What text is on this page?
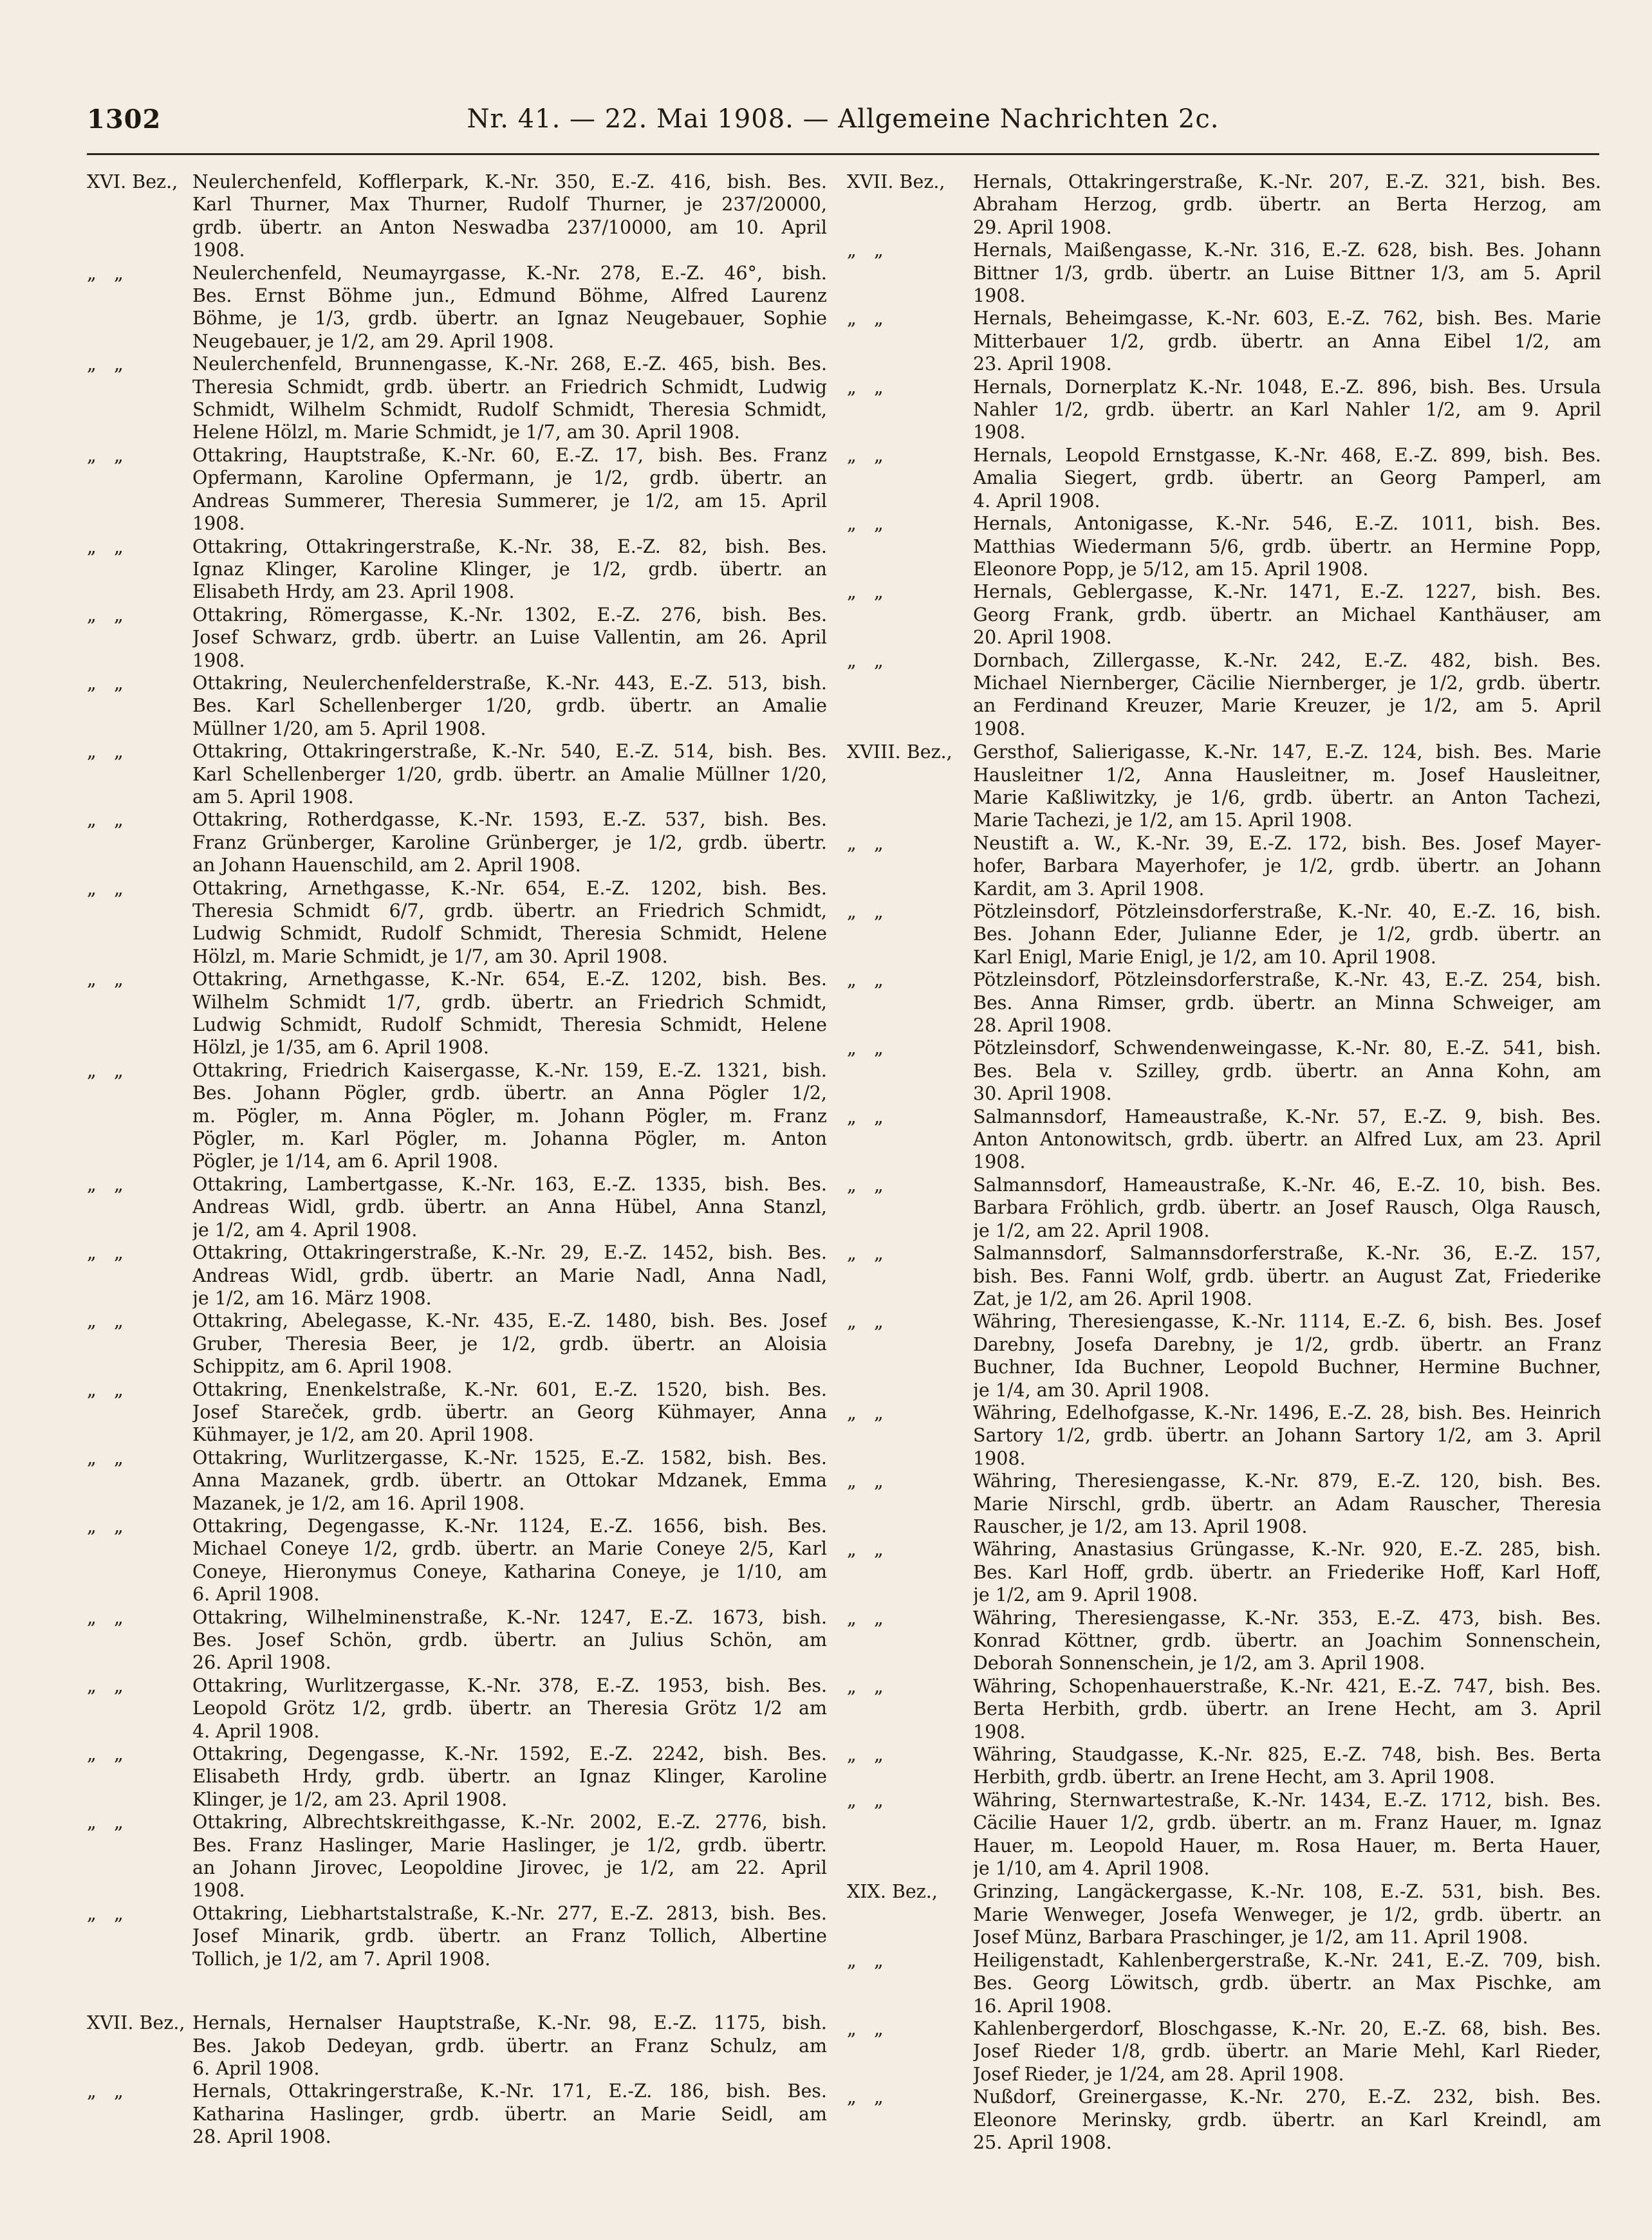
1302	Nr. 41. — 22. Mai 1908. — Allgemeine Nachrichten 2c.
XVI. Bez., Neulerchenfeld, Kofflerpark, K.-Nr. 350, E.-Z. 416, bish. Bes.
Karl Thurner, Max Thurner, Rudolf Thurner, je 237/20000,
grdb. übertr. an Anton Neswadba 237/10000, am 10. April
1908.
„   „	Neulerchenfeld, Neumayrgasse, K.-Nr. 278, E.-Z. 46°, bish.
Bes. Ernst Böhme jun., Edmund Böhme, Alfred Laurenz
Böhme, je 1/3, grdb. übertr. an Ignaz Neugebauer, Sophie
Neugebauer, je 1/2, am 29. April 1908.
„   „	Neulerchenfeld, Brunnengasse, K.-Nr. 268, E.-Z. 465, bish. Bes.
Theresia Schmidt, grdb. übertr. an Friedrich Schmidt, Ludwig
Schmidt, Wilhelm Schmidt, Rudolf Schmidt, Theresia Schmidt,
Helene Hölzl, m. Marie Schmidt, je 1/7, am 30. April 1908.
„   „	Ottakring, Hauptstraße, K.-Nr. 60, E.-Z. 17, bish. Bes. Franz
Opfermann, Karoline Opfermann, je 1/2, grdb. übertr. an
Andreas Summerer, Theresia Summerer, je 1/2, am 15. April
1908.
„   „	Ottakring, Ottakringerstraße, K.-Nr. 38, E.-Z. 82, bish. Bes.
Ignaz Klinger, Karoline Klinger, je 1/2, grdb. übertr. an
Elisabeth Hrdy, am 23. April 1908.
„   „	Ottakring, Römergasse, K.-Nr. 1302, E.-Z. 276, bish. Bes.
Josef Schwarz, grdb. übertr. an Luise Vallentin, am 26. April
1908.
„   „	Ottakring, Neulerchenfelderstraße, K.-Nr. 443, E.-Z. 513, bish.
Bes. Karl Schellenberger 1/20, grdb. übertr. an Amalie
Müllner 1/20, am 5. April 1908.
„   „	Ottakring, Ottakringerstraße, K.-Nr. 540, E.-Z. 514, bish. Bes.
Karl Schellenberger 1/20, grdb. übertr. an Amalie Müllner 1/20,
am 5. April 1908.
„   „	Ottakring, Rotherdgasse, K.-Nr. 1593, E.-Z. 537, bish. Bes.
Franz Grünberger, Karoline Grünberger, je 1/2, grdb. übertr.
an Johann Hauenschild, am 2. April 1908.
„   „	Ottakring, Arnethgasse, K.-Nr. 654, E.-Z. 1202, bish. Bes.
Theresia Schmidt 6/7, grdb. übertr. an Friedrich Schmidt,
Ludwig Schmidt, Rudolf Schmidt, Theresia Schmidt, Helene
Hölzl, m. Marie Schmidt, je 1/7, am 30. April 1908.
„   „	Ottakring, Arnethgasse, K.-Nr. 654, E.-Z. 1202, bish. Bes.
Wilhelm Schmidt 1/7, grdb. übertr. an Friedrich Schmidt,
Ludwig Schmidt, Rudolf Schmidt, Theresia Schmidt, Helene
Hölzl, je 1/35, am 6. April 1908.
„   „	Ottakring, Friedrich Kaisergasse, K.-Nr. 159, E.-Z. 1321, bish.
Bes. Johann Pögler, grdb. übertr. an Anna Pögler 1/2,
m. Pögler, m. Anna Pögler, m. Johann Pögler, m. Franz
Pögler, m. Karl Pögler, m. Johanna Pögler, m. Anton
Pögler, je 1/14, am 6. April 1908.
„   „	Ottakring, Lambertgasse, K.-Nr. 163, E.-Z. 1335, bish. Bes.
Andreas Widl, grdb. übertr. an Anna Hübel, Anna Stanzl,
je 1/2, am 4. April 1908.
„   „	Ottakring, Ottakringerstraße, K.-Nr. 29, E.-Z. 1452, bish. Bes.
Andreas Widl, grdb. übertr. an Marie Nadl, Anna Nadl,
je 1/2, am 16. März 1908.
„   „	Ottakring, Abelegasse, K.-Nr. 435, E.-Z. 1480, bish. Bes. Josef
Gruber, Theresia Beer, je 1/2, grdb. übertr. an Aloisia
Schippitz, am 6. April 1908.
„   „	Ottakring, Enenkelstraße, K.-Nr. 601, E.-Z. 1520, bish. Bes.
Josef Stareček, grdb. übertr. an Georg Kühmayer, Anna
Kühmayer, je 1/2, am 20. April 1908.
„   „	Ottakring, Wurlitzergasse, K.-Nr. 1525, E.-Z. 1582, bish. Bes.
Anna Mazanek, grdb. übertr. an Ottokar Mdzanek, Emma
Mazanek, je 1/2, am 16. April 1908.
„   „	Ottakring, Degengasse, K.-Nr. 1124, E.-Z. 1656, bish. Bes.
Michael Coneye 1/2, grdb. übertr. an Marie Coneye 2/5, Karl
Coneye, Hieronymus Coneye, Katharina Coneye, je 1/10, am
6. April 1908.
„   „	Ottakring, Wilhelminenstraße, K.-Nr. 1247, E.-Z. 1673, bish.
Bes. Josef Schön, grdb. übertr. an Julius Schön, am
26. April 1908.
„   „	Ottakring, Wurlitzergasse, K.-Nr. 378, E.-Z. 1953, bish. Bes.
Leopold Grötz 1/2, grdb. übertr. an Theresia Grötz 1/2 am
4. April 1908.
„   „	Ottakring, Degengasse, K.-Nr. 1592, E.-Z. 2242, bish. Bes.
Elisabeth Hrdy, grdb. übertr. an Ignaz Klinger, Karoline
Klinger, je 1/2, am 23. April 1908.
„   „	Ottakring, Albrechtskreithgasse, K.-Nr. 2002, E.-Z. 2776, bish.
Bes. Franz Haslinger, Marie Haslinger, je 1/2, grdb. übertr.
an Johann Jirovec, Leopoldine Jirovec, je 1/2, am 22. April
1908.
„   „	Ottakring, Liebhartstalstraße, K.-Nr. 277, E.-Z. 2813, bish. Bes.
Josef Minarik, grdb. übertr. an Franz Tollich, Albertine
Tollich, je 1/2, am 7. April 1908.
XVII. Bez., Hernals, Hernalser Hauptstraße, K.-Nr. 98, E.-Z. 1175, bish.
Bes. Jakob Dedeyan, grdb. übertr. an Franz Schulz, am
6. April 1908.
„   „	Hernals, Ottakringerstraße, K.-Nr. 171, E.-Z. 186, bish. Bes.
Katharina Haslinger, grdb. übertr. an Marie Seidl, am
28. April 1908.
XVII. Bez.,	Hernals, Ottakringerstraße, K.-Nr. 207, E.-Z. 321, bish. Bes.
Abraham Herzog, grdb. übertr. an Berta Herzog, am
29. April 1908.
„   „	Hernals, Maißengasse, K.-Nr. 316, E.-Z. 628, bish. Bes. Johann
Bittner 1/3, grdb. übertr. an Luise Bittner 1/3, am 5. April
1908.
„   „	Hernals, Beheimgasse, K.-Nr. 603, E.-Z. 762, bish. Bes. Marie
Mitterbauer 1/2, grdb. übertr. an Anna Eibel 1/2, am
23. April 1908.
„   „	Hernals, Dornerplatz K.-Nr. 1048, E.-Z. 896, bish. Bes. Ursula
Nahler 1/2, grdb. übertr. an Karl Nahler 1/2, am 9. April
1908.
„   „	Hernals, Leopold Ernstgasse, K.-Nr. 468, E.-Z. 899, bish. Bes.
Amalia Siegert, grdb. übertr. an Georg Pamperl, am
4. April 1908.
„   „	Hernals, Antonigasse, K.-Nr. 546, E.-Z. 1011, bish. Bes.
Matthias Wiedermann 5/6, grdb. übertr. an Hermine Popp,
Eleonore Popp, je 5/12, am 15. April 1908.
„   „	Hernals, Geblergasse, K.-Nr. 1471, E.-Z. 1227, bish. Bes.
Georg Frank, grdb. übertr. an Michael Kanthäuser, am
20. April 1908.
„   „	Dornbach, Zillergasse, K.-Nr. 242, E.-Z. 482, bish. Bes.
Michael Niernberger, Cäcilie Niernberger, je 1/2, grdb. übertr.
an Ferdinand Kreuzer, Marie Kreuzer, je 1/2, am 5. April
1908.
XVIII. Bez.,	Gersthof, Salierigasse, K.-Nr. 147, E.-Z. 124, bish. Bes. Marie
Hausleitner 1/2, Anna Hausleitner, m. Josef Hausleitner,
Marie Kaßliwitzky, je 1/6, grdb. übertr. an Anton Tachezi,
Marie Tachezi, je 1/2, am 15. April 1908.
„   „	Neustift a. W., K.-Nr. 39, E.-Z. 172, bish. Bes. Josef Mayer-
hofer, Barbara Mayerhofer, je 1/2, grdb. übertr. an Johann
Kardit, am 3. April 1908.
„   „	Pötzleinsdorf, Pötzleinsdorferstraße, K.-Nr. 40, E.-Z. 16, bish.
Bes. Johann Eder, Julianne Eder, je 1/2, grdb. übertr. an
Karl Enigl, Marie Enigl, je 1/2, am 10. April 1908.
„   „	Pötzleinsdorf, Pötzleinsdorferstraße, K.-Nr. 43, E.-Z. 254, bish.
Bes. Anna Rimser, grdb. übertr. an Minna Schweiger, am
28. April 1908.
„   „	Pötzleinsdorf, Schwendenweingasse, K.-Nr. 80, E.-Z. 541, bish.
Bes. Bela v. Szilley, grdb. übertr. an Anna Kohn, am
30. April 1908.
„   „	Salmannsdorf, Hameaustraße, K.-Nr. 57, E.-Z. 9, bish. Bes.
Anton Antonowitsch, grdb. übertr. an Alfred Lux, am 23. April
1908.
„   „	Salmannsdorf, Hameaustraße, K.-Nr. 46, E.-Z. 10, bish. Bes.
Barbara Fröhlich, grdb. übertr. an Josef Rausch, Olga Rausch,
je 1/2, am 22. April 1908.
„   „	Salmannsdorf, Salmannsdorferstraße, K.-Nr. 36, E.-Z. 157,
bish. Bes. Fanni Wolf, grdb. übertr. an August Zat, Friederike
Zat, je 1/2, am 26. April 1908.
„   „	Währing, Theresiengasse, K.-Nr. 1114, E.-Z. 6, bish. Bes. Josef
Darebny, Josefa Darebny, je 1/2, grdb. übertr. an Franz
Buchner, Ida Buchner, Leopold Buchner, Hermine Buchner,
je 1/4, am 30. April 1908.
„   „	Währing, Edelhofgasse, K.-Nr. 1496, E.-Z. 28, bish. Bes. Heinrich
Sartory 1/2, grdb. übertr. an Johann Sartory 1/2, am 3. April
1908.
„   „	Währing, Theresiengasse, K.-Nr. 879, E.-Z. 120, bish. Bes.
Marie Nirschl, grdb. übertr. an Adam Rauscher, Theresia
Rauscher, je 1/2, am 13. April 1908.
„   „	Währing, Anastasius Grüngasse, K.-Nr. 920, E.-Z. 285, bish.
Bes. Karl Hoff, grdb. übertr. an Friederike Hoff, Karl Hoff,
je 1/2, am 9. April 1908.
„   „	Währing, Theresiengasse, K.-Nr. 353, E.-Z. 473, bish. Bes.
Konrad Köttner, grdb. übertr. an Joachim Sonnenschein,
Deborah Sonnenschein, je 1/2, am 3. April 1908.
„   „	Währing, Schopenhauerstraße, K.-Nr. 421, E.-Z. 747, bish. Bes.
Berta Herbith, grdb. übertr. an Irene Hecht, am 3. April
1908.
„   „	Währing, Staudgasse, K.-Nr. 825, E.-Z. 748, bish. Bes. Berta
Herbith, grdb. übertr. an Irene Hecht, am 3. April 1908.
„   „	Währing, Sternwartestraße, K.-Nr. 1434, E.-Z. 1712, bish. Bes.
Cäcilie Hauer 1/2, grdb. übertr. an m. Franz Hauer, m. Ignaz
Hauer, m. Leopold Hauer, m. Rosa Hauer, m. Berta Hauer,
je 1/10, am 4. April 1908.
XIX. Bez.,	Grinzing, Langäckergasse, K.-Nr. 108, E.-Z. 531, bish. Bes.
Marie Wenweger, Josefa Wenweger, je 1/2, grdb. übertr. an
Josef Münz, Barbara Praschinger, je 1/2, am 11. April 1908.
„   „	Heiligenstadt, Kahlenbergerstraße, K.-Nr. 241, E.-Z. 709, bish.
Bes. Georg Löwitsch, grdb. übertr. an Max Pischke, am
16. April 1908.
„   „	Kahlenbergerdorf, Bloschgasse, K.-Nr. 20, E.-Z. 68, bish. Bes.
Josef Rieder 1/8, grdb. übertr. an Marie Mehl, Karl Rieder,
Josef Rieder, je 1/24, am 28. April 1908.
„   „	Nußdorf, Greinergasse, K.-Nr. 270, E.-Z. 232, bish. Bes.
Eleonore Merinsky, grdb. übertr. an Karl Kreindl, am
25. April 1908.
